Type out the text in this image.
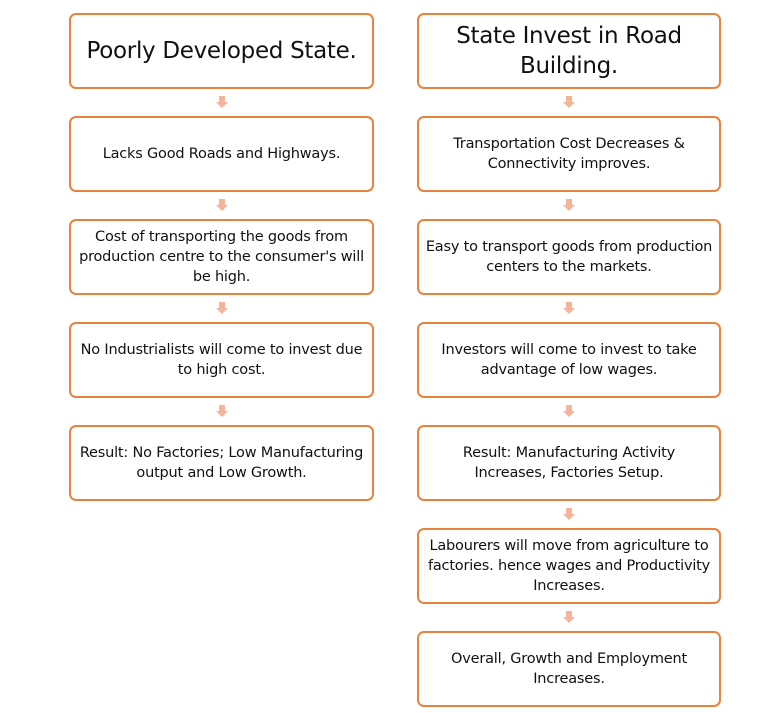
Poorly Developed State.
Lacks Good Roads and Highways.
Cost of transporting the goods from production centre to the consumer's will be high.
No Industrialists will come to invest due to high cost.
Result: No Factories; Low Manufacturing output and Low Growth.
State Invest in Road Building.
Transportation Cost Decreases & Connectivity improves.
Easy to transport goods from production centers to the markets.
Investors will come to invest to take advantage of low wages.
Result: Manufacturing Activity Increases, Factories Setup.
Labourers will move from agriculture to factories. hence wages and Productivity Increases.
Overall, Growth and Employment Increases.
